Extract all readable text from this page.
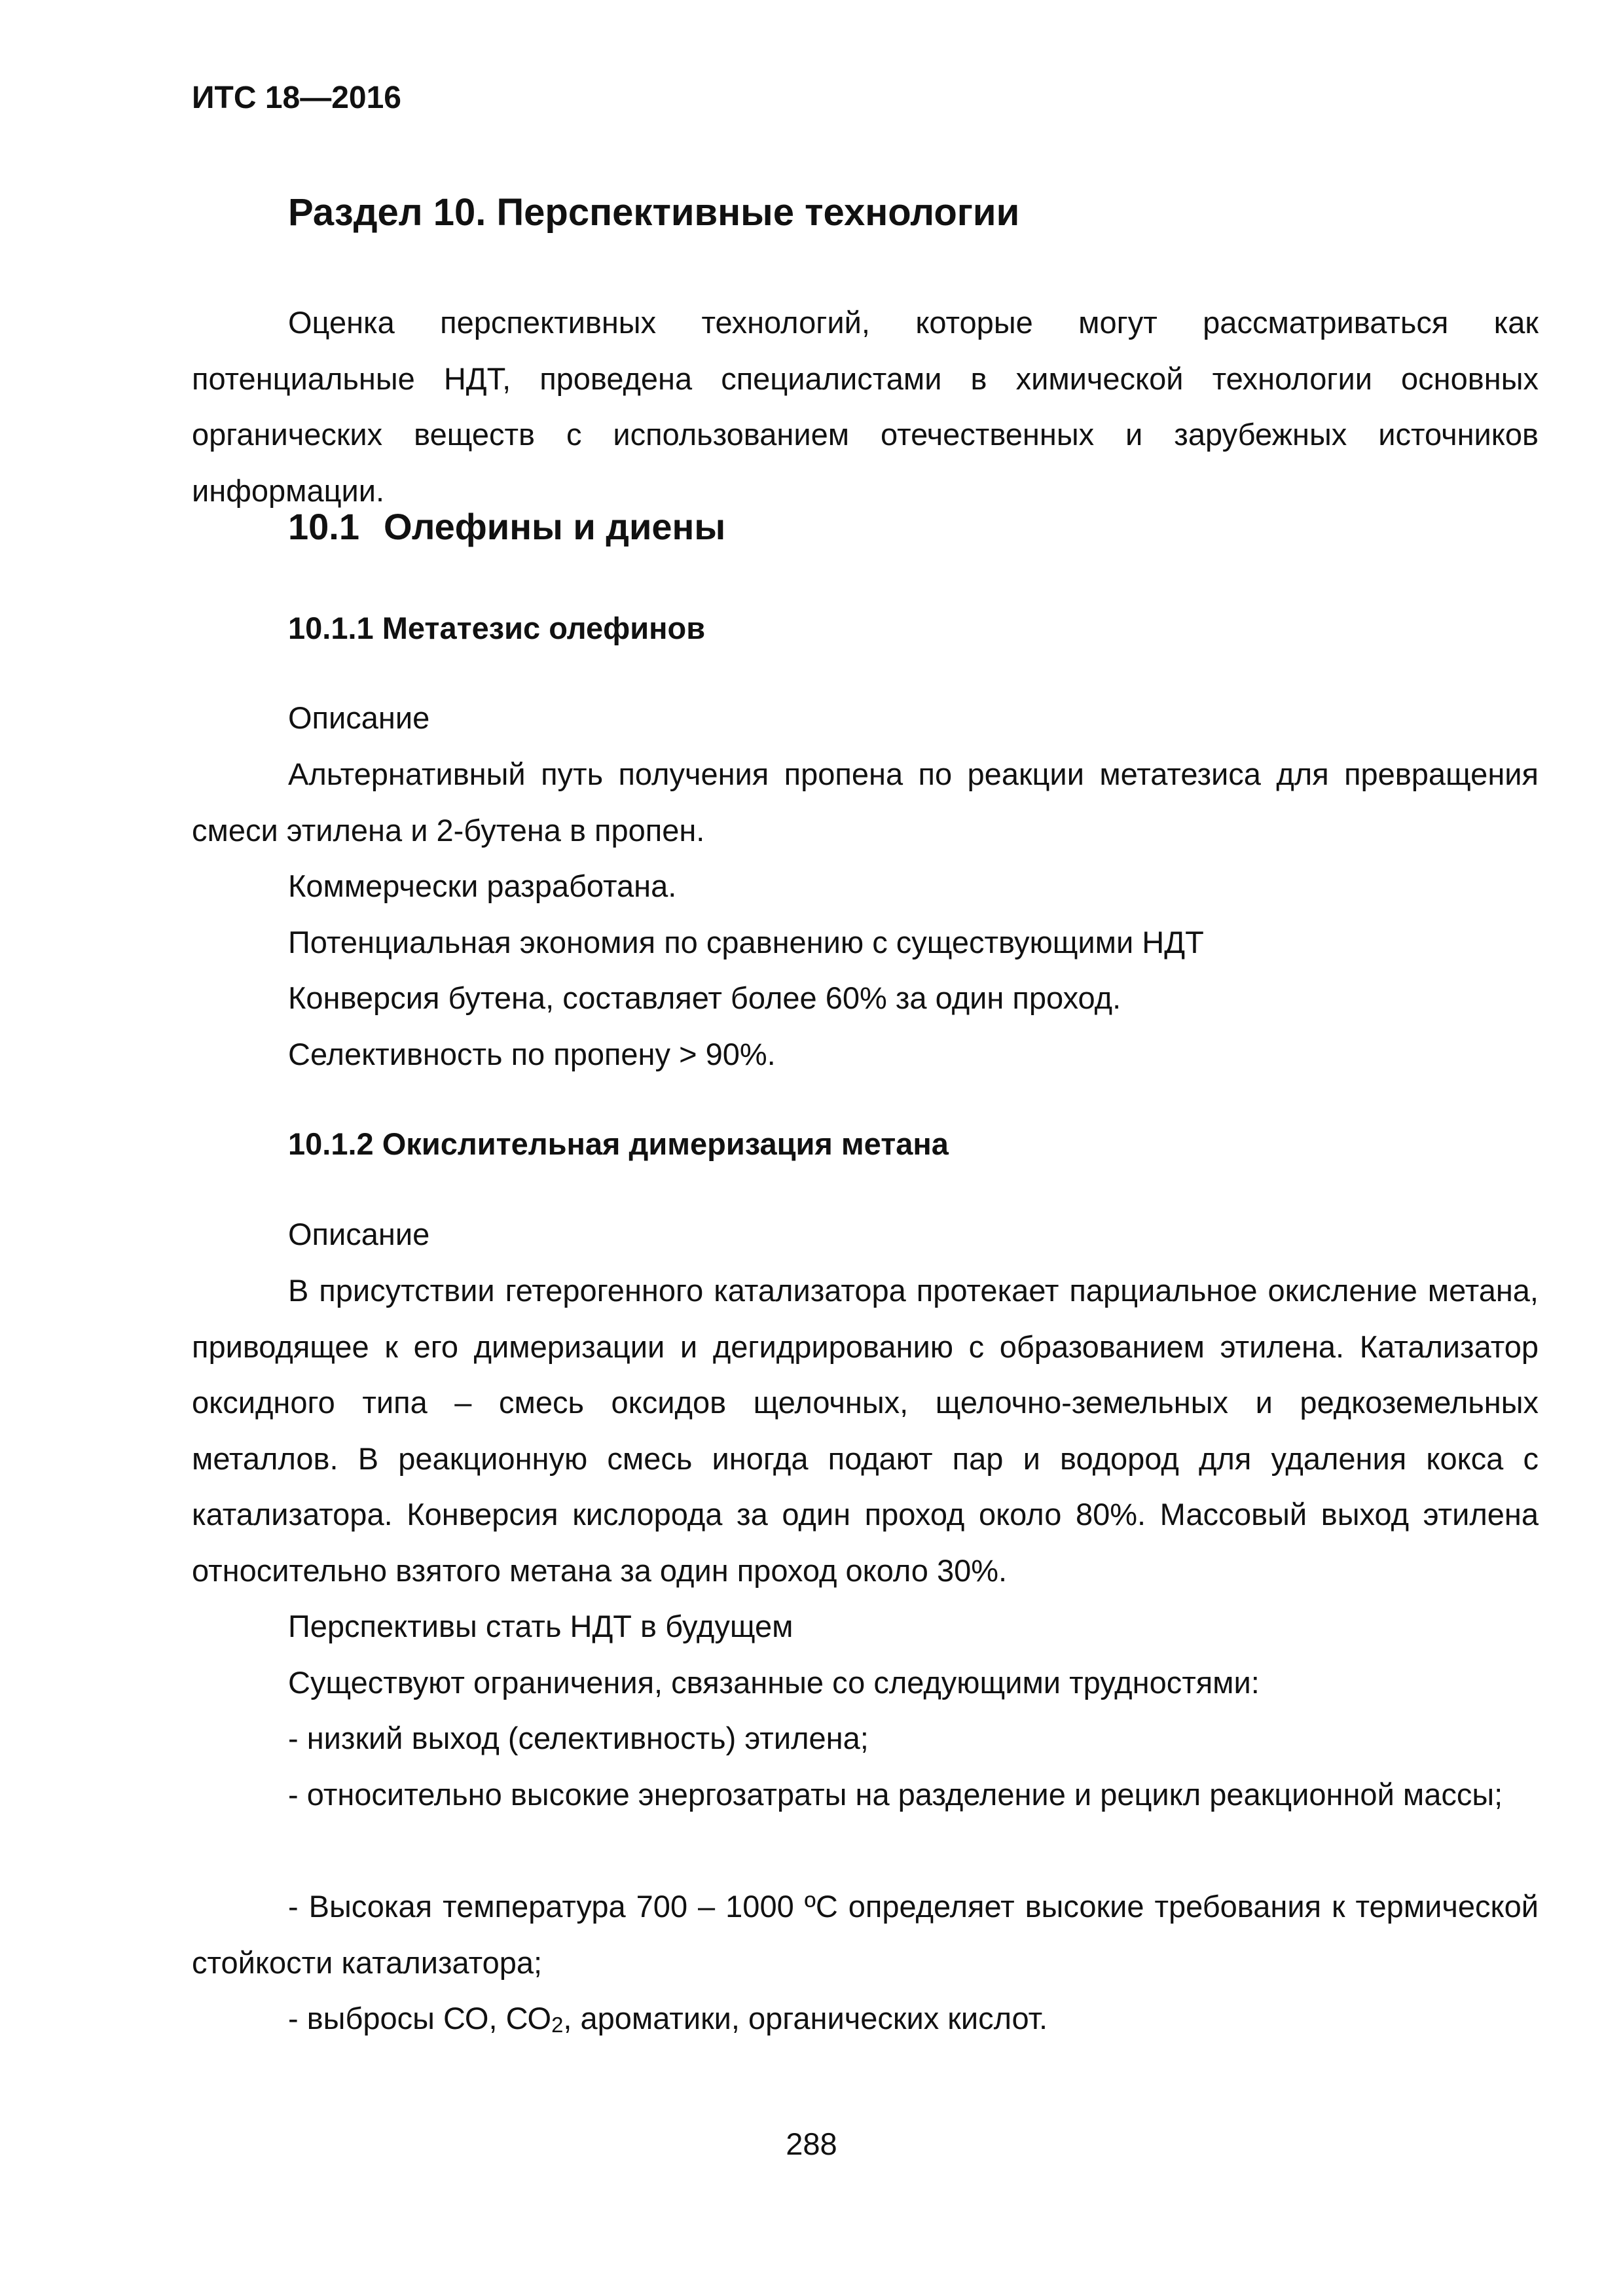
ИТС 18—2016

Раздел 10. Перспективные технологии

Оценка перспективных технологий, которые могут рассматриваться как потенциальные НДТ, проведена специалистами в химической технологии основных органических веществ с использованием отечественных и зарубежных источников информации.

10.1 Олефины и диены
10.1.1 Метатезис олефинов

Описание

Альтернативный путь получения пропена по реакции метатезиса для превращения смеси этилена и 2-бутена в пропен.

Коммерчески разработана.

Потенциальная экономия по сравнению с существующими НДТ

Конверсия бутена, составляет более 60% за один проход.

Селективность по пропену > 90%.

10.1.2 Окислительная димеризация метана

Описание

В присутствии гетерогенного катализатора протекает парциальное окисление метана, приводящее к его димеризации и дегидрированию с образованием этилена. Катализатор оксидного типа – смесь оксидов щелочных, щелочно-земельных и редкоземельных металлов. В реакционную смесь иногда подают пар и водород для удаления кокса с катализатора. Конверсия кислорода за один проход около 80%. Массовый выход этилена относительно взятого метана за один проход около 30%.

Перспективы стать НДТ в будущем

Существуют ограничения, связанные со следующими трудностями:

- низкий выход (селективность) этилена;

- относительно высокие энергозатраты на разделение и рецикл реакционной массы;

- Высокая температура 700 – 1000 ºС определяет высокие требования к термической стойкости катализатора;

- выбросы СО, $СО_2$, ароматики, органических кислот.

288
